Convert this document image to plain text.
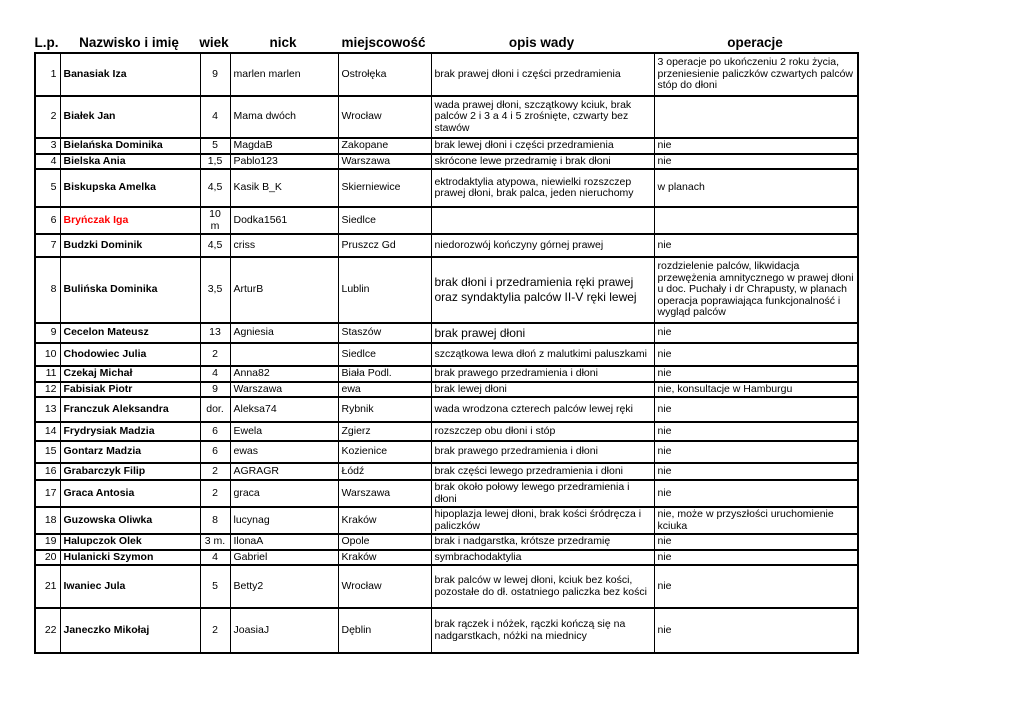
L.p.	Nazwisko i imię	wiek	nick	miejscowość	opis wady	operacje
1	Banasiak Iza	9	marlen marlen	Ostrołęka	brak prawej dłoni i części przedramienia	3 operacje po ukończeniu 2 roku życia, przeniesienie paliczków czwartych palców stóp do dłoni
2	Białek Jan	4	Mama dwóch	Wrocław	wada prawej dłoni, szczątkowy kciuk, brak palców 2 i 3 a 4 i 5 zrośnięte, czwarty bez stawów	
3	Bielańska Dominika	5	MagdaB	Zakopane	brak lewej dłoni i części przedramienia	nie
4	Bielska Ania	1,5	Pablo123	Warszawa	skrócone lewe przedramię i brak dłoni	nie
5	Biskupska Amelka	4,5	Kasik B_K	Skierniewice	ektrodaktylia atypowa, niewielki rozszczep prawej dłoni, brak palca, jeden nieruchomy	w planach
6	Bryńczak Iga	10 m	Dodka1561	Siedlce		
7	Budzki Dominik	4,5	criss	Pruszcz Gd	niedorozwój kończyny górnej prawej	nie
8	Bulińska Dominika	3,5	ArturB	Lublin	brak dłoni i przedramienia ręki prawej oraz syndaktylia palców II-V ręki lewej	rozdzielenie palców, likwidacja przewężenia amnitycznego w prawej dłoni u doc. Puchały i dr Chrapusty, w planach operacja poprawiająca funkcjonalność i wygląd palców
9	Cecelon Mateusz	13	Agniesia	Staszów	brak prawej dłoni	nie
10	Chodowiec Julia	2		Siedlce	szczątkowa lewa dłoń z malutkimi paluszkami	nie
11	Czekaj Michał	4	Anna82	Biała Podl.	brak prawego przedramienia i dłoni	nie
12	Fabisiak Piotr	9	Warszawa	ewa	brak lewej dłoni	nie, konsultacje w Hamburgu
13	Franczuk Aleksandra	dor.	Aleksa74	Rybnik	wada wrodzona czterech palców lewej ręki	nie
14	Frydrysiak Madzia	6	Ewela	Zgierz	rozszczep obu dłoni i stóp	nie
15	Gontarz Madzia	6	ewas	Kozienice	brak prawego przedramienia i dłoni	nie
16	Grabarczyk Filip	2	AGRAGR	Łódź	brak części lewego przedramienia i dłoni	nie
17	Graca Antosia	2	graca	Warszawa	brak około połowy lewego przedramienia i dłoni	nie
18	Guzowska Oliwka	8	lucynag	Kraków	hipoplazja lewej dłoni, brak kości śródręcza i paliczków	nie, może w przyszłości uruchomienie kciuka
19	Halupczok Olek	3 m.	IlonaA	Opole	brak i nadgarstka, krótsze przedramię	nie
20	Hulanicki Szymon	4	Gabriel	Kraków	symbrachodaktylia	nie
21	Iwaniec Jula	5	Betty2	Wrocław	brak palców w lewej dłoni, kciuk bez kości, pozostałe do dł. ostatniego paliczka bez kości	nie
22	Janeczko Mikołaj	2	JoasiaJ	Dęblin	brak rączek i nóżek, rączki kończą się na nadgarstkach, nóżki na miednicy	nie
